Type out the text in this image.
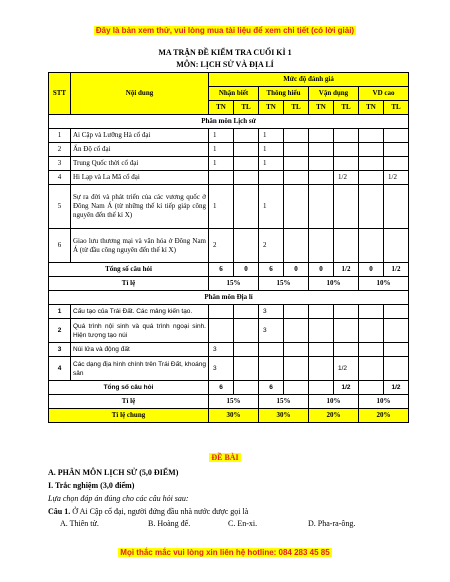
Đây là bản xem thử, vui lòng mua tài liệu để xem chi tiết (có lời giải)
MA TRẬN ĐỀ KIỂM TRA CUỐI KÌ 1
MÔN: LỊCH SỬ VÀ ĐỊA LÍ
STT	Nội dung	Mức độ đánh giá							
		Nhận biết		Thông hiểu		Vận dụng		VD cao	
		TN	TL	TN	TL	TN	TL	TN	TL
Phân môn Lịch sử									
1	Ai Cập và Lưỡng Hà cổ đại	1		1					
2	Ấn Độ cổ đại	1		1					
3	Trung Quốc thời cổ đại	1		1					
4	Hi Lạp và La Mã cổ đại						1/2		1/2
5	Sự ra đời và phát triển của các vương quốc ở Đông Nam Á (từ những thế kỉ tiếp giáp công nguyên đến thế kỉ X)	1		1					
6	Giao lưu thương mại và văn hóa ở Đông Nam Á (từ đầu công nguyên đến thế kỉ X)	2		2					
Tổng số câu hỏi		6	0	6	0	0	1/2	0	1/2
Tỉ lệ		15%		15%		10%		10%	
Phân môn Địa lí									
1	Cấu tạo của Trái Đất. Các mảng kiến tạo.			3					
2	Quá trình nội sinh và quá trình ngoại sinh. Hiện tượng tạo núi			3					
3	Núi lửa và động đất	3							
4	Các dạng địa hình chính trên Trái Đất, khoáng sản	3					1/2		
Tổng số câu hỏi		6		6			1/2		1/2
Tỉ lệ		15%		15%		10%		10%	
Tỉ lệ chung		30%		30%		20%		20%	
ĐỀ BÀI
A. PHÂN MÔN LỊCH SỬ (5,0 ĐIỂM)
I. Trắc nghiệm (3,0 điểm)
Lựa chọn đáp án đúng cho các câu hỏi sau:
Câu 1. Ở Ai Cập cổ đại, người đứng đầu nhà nước được gọi là
A. Thiên tử.	B. Hoàng đế.	C. En-xi.	D. Pha-ra-ông.
Mọi thắc mắc vui lòng xin liên hệ hotline: 084 283 45 85
